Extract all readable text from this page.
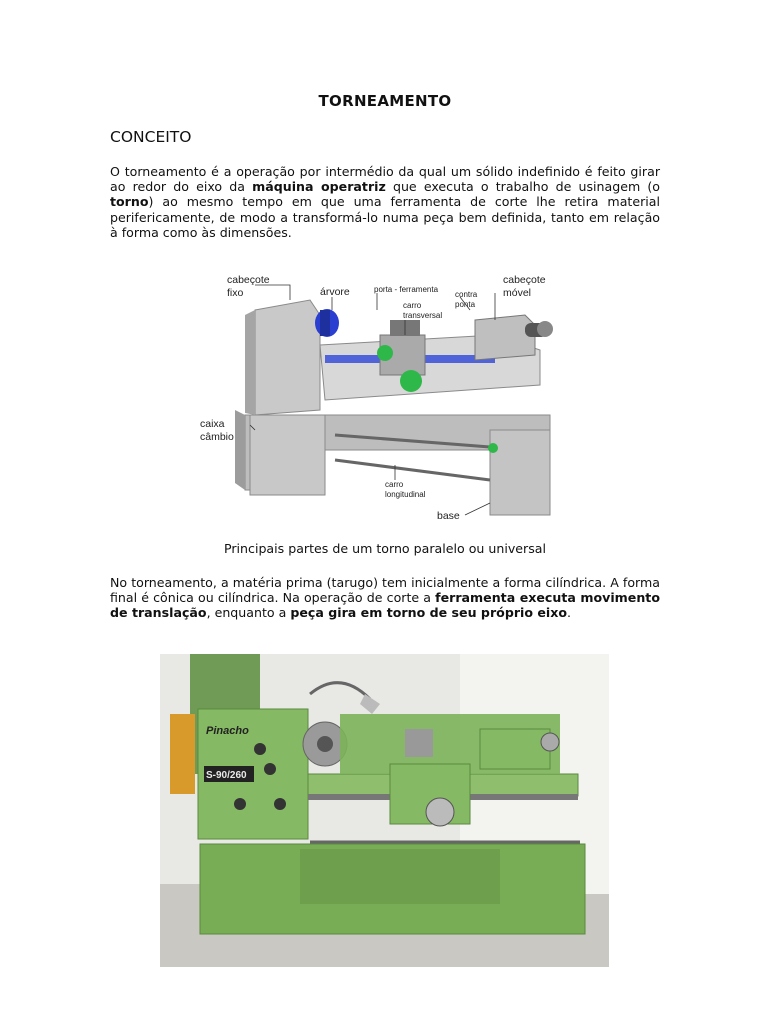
TORNEAMENTO
CONCEITO
O torneamento é a operação por intermédio da qual um sólido indefinido é feito girar ao redor do eixo da máquina operatriz que executa o trabalho de usinagem (o torno) ao mesmo tempo em que uma ferramenta de corte lhe retira material perifericamente, de modo a transformá-lo numa peça bem definida, tanto em relação à forma como às dimensões.
Principais partes de um torno paralelo ou universal
No torneamento, a matéria prima (tarugo) tem inicialmente a forma cilíndrica. A forma final é cônica ou cilíndrica. Na operação de corte a ferramenta executa movimento de translação, enquanto a peça gira em torno de seu próprio eixo.
cabeçote
fixo	árvore	porta - ferramenta
carro
transversal
contra
ponta
cabeçote
móvel
caixa
câmbio
carro
longitudinal
base
Pinacho
S-90/260
